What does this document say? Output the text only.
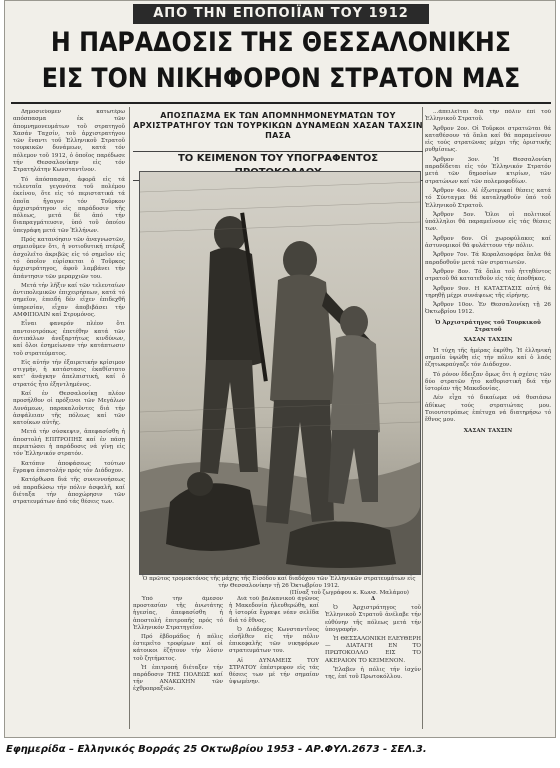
ΑΠΟ ΤΗΝ ΕΠΟΠΟΙΪΑΝ ΤΟΥ 1912
Η ΠΑΡΑΔΟΣΙΣ ΤΗΣ ΘΕΣΣΑΛΟΝΙΚΗΣ
ΕΙΣ ΤΟΝ ΝΙΚΗΦΟΡΟΝ ΣΤΡΑΤΟΝ ΜΑΣ

Δημοσιεύομεν κατωτέρω απόσπασμα ἐκ τῶν ἀπομνημονευμάτων τοῦ στρατηγοῦ Χασάν Ταχσίν, τοῦ ἀρχιστρατήγου τῶν ἔναντι τοῦ Ἑλληνικοῦ Στρατοῦ τουρκικῶν δυνάμεων, κατά τόν πόλεμον τοῦ 1912, ὁ ὁποῖος παρέδωσε τήν Θεσσαλονίκην εἰς τόν Στρατηλάτην Κωνσταντῖνον.

Τό ἀπόσπασμα, ἀφορᾶ εἰς τά τελευταῖα γεγονότα τοῦ πολέμου ἐκείνου, ὅτε εἰς τό περιστατικά τά ὁποῖα ἤγαγον τόν Τοῦρκον ἀρχιστράτηγον εἰς παράδοσιν τῆς πόλεως, μετά δέ ἀπό τήν διαπραγμάτευσιν, ὑπό τοῦ ὁποίου ὑπεγράφη μετά τῶν Ἑλλήνων.

Πρός κατανόησιν τῶν ἀναγνωστῶν, σημειοῦμεν ὅτι, ἡ νοτιοδυτική πτέρυξ ἀσχολεῖτο ἀκριβῶς εἰς τό σημεῖον εἰς τό ὁποῖον εὑρίσκεται ὁ Τοῦρκος ἀρχιστράτηγος, ἀφοῦ λαμβάνει τήν ἀπάντησιν τῶν μεραρχιῶν του.

Μετά τήν λῆξιν καί τῶν τελευταίων ἀντιπολεμικῶν ἐπιχειρήσεων, κατά τό σημεῖον, ἐπειδή δέν εἶχεν ἐπιδεχθῆ ὑπηρεσίαν, εἶχαν ἀποβιβάσει τήν ΑΜΦΙΠΟΛΙΝ καί Στρυμόνος.

Εἶναι φανερόν πλέον ὅτι παντοιοτρόπως ἐπετέθην κατά τῶν ἀντιπάλων ἀνεξαρτήτως κινδύνων, καί ὅλοι ἐσημείωναν τήν κατάπτωσιν τοῦ στρατεύματος.

Εἰς αὐτήν τήν ἐξαιρετικήν κρίσιμον στιγμήν, ἡ κατάστασις ἐκαθίστατο κατ' ἀνάγκην ἀπελπιστική, καί ὁ στρατός ἦτο ἐξηντλημένος.

Καί ἐν Θεσσαλονίκῃ πλέον προσήλθον οἱ πρόξενοι τῶν Μεγάλων Δυνάμεων, παρακαλοῦντες διά τήν ἀσφάλειαν τῆς πόλεως καί τῶν κατοίκων αὐτῆς.

Μετά τήν σύσκεψιν, ἀπεφασίσθη ἡ ἀποστολή ΕΠΙΤΡΟΠΗΣ καί ἐν πάσῃ περιπτώσει ἡ παράδοσις νά γίνῃ εἰς τόν Ἑλληνικόν στρατόν.

Κατόπιν ἀποφάσεως τούτων ἔγραψα ἐπιστολήν πρός τόν Διάδοχον.

Κατόρθωσα διά τῆς συνεννοήσεως νά παραδώσω τήν πόλιν ἀσφαλῆ, καί διέταξα τήν ἀποχώρησιν τῶν στρατευμάτων ἀπό τάς θέσεις των.

ΑΠΟΣΠΑΣΜΑ ΕΚ ΤΩΝ ΑΠΟΜΝΗΜΟΝΕΥΜΑΤΩΝ ΤΟΥ ΑΡΧΙΣΤΡΑΤΗΓΟΥ ΤΩΝ ΤΟΥΡΚΙΚΩΝ ΔΥΝΑΜΕΩΝ ΧΑΣΑΝ ΤΑΧΣΙΝ ΠΑΣΑ
ΤΟ ΚΕΙΜΕΝΟΝ ΤΟΥ ΥΠΟΓΡΑΦΕΝΤΟΣ
Ὁ πρῶτος τρομοκτόνος τῆς μάχης τῆς Εἰσόδου καί διαδόχου τῶν Ἑλληνικῶν στρατευμάτων εἰς τήν Θεσσαλονίκην τῇ 26 Ὀκτωβρίου 1912.
(Πίναξ τοῦ ζωγράφου κ. Κωνσ. Μαλάμου)

Ὑπό τήν ἄμεσον προστασίαν τῆς ἀνωτάτης ἡγεσίας, ἀπεφασίσθη ἡ ἀποστολή ἐπιτροπῆς πρός τό Ἑλληνικόν Στρατηγεῖον.

Πρό ἐβδομάδος ἡ πόλις ἐστερεῖτο τροφίμων καί οἱ κάτοικοι ἐζήτουν τήν λύσιν τοῦ ζητήματος.

Ἡ ἐπιτροπή διέταξεν τήν παράδοσιν ΤΗΣ ΠΟΛΕΩΣ καί τήν ΑΝΑΚΩΧΗΝ τῶν ἐχθροπραξιῶν.

Διά τοῦ βαλκανικοῦ ἀγῶνος ἡ Μακεδονία ἠλευθερώθη, καί ἡ ἱστορία ἔγραψε νέαν σελίδα διά τό ἔθνος.

Ὁ Διάδοχος Κωνσταντῖνος εἰσῆλθεν εἰς τήν πόλιν ἐπικεφαλῆς τῶν νικηφόρων στρατευμάτων του.

Αἱ ΔΥΝΑΜΕΙΣ ΤΟΥ ΣΤΡΑΤΟΥ ἐπέστρεφον εἰς τάς θέσεις των μέ τήν σημαίαν ὑψωμένην.

Δ

Ὁ Ἀρχιστράτηγος τοῦ Ἑλληνικοῦ Στρατοῦ ἀνέλαβε τήν εὐθύνην τῆς πόλεως μετά τήν ὑπογραφήν.

Ἡ ΘΕΣΣΑΛΟΝΙΚΗ ΕΛΕΥΘΕΡΗ — ΔΙΑΤΑΓΗ ΕΝ ΤΟ ΠΡΩΤΟΚΟΛΛΟ ΕΙΣ ΤΟ ΑΚΕΡΑΙΟΝ ΤΟ ΚΕΙΜΕΝΟΝ.

Ἔλαβεν ἡ πόλις τήν ἰσχύν της, ἐπί τοῦ Πρωτοκόλλου.

...ἀπειλεῖται διά τήν πόλιν ἐπί τοῦ Ἑλληνικοῦ Στρατοῦ.

Ἄρθρον 2ον. Οἱ Τοῦρκοι στρατιῶται θά καταθέσουν τά ὅπλα καί θά παραμείνουν εἰς τούς στρατῶνας μέχρι τῆς ὁριστικῆς ρυθμίσεως.

Ἄρθρον 3ον. Ἡ Θεσσαλονίκη παραδίδεται εἰς τόν Ἑλληνικόν Στρατόν μετά τῶν δημοσίων κτιρίων, τῶν στρατώνων καί τῶν πολεμοφοδίων.

Ἄρθρον 4ον. Αἱ ἐξωτερικαί θέσεις κατά τό Σύνταγμα θά καταληφθοῦν ὑπό τοῦ Ἑλληνικοῦ Στρατοῦ.

Ἄρθρον 5ον. Ὅλοι οἱ πολιτικοί ὑπάλληλοι θά παραμείνουν εἰς τάς θέσεις των.

Ἄρθρον 6ον. Οἱ χωροφύλακες καί ἀστυνομικοί θά φυλάττουν τήν πόλιν.

Ἄρθρον 7ον. Τά Κεφαλαιοφόρα ὅπλα θά παραδοθοῦν μετά τῶν στρατιωτῶν.

Ἄρθρον 8ον. Τά ὅπλα τοῦ ἡττηθέντος στρατοῦ θά κατατεθοῦν εἰς τάς ἀποθήκας.

Ἄρθρον 9ον. Η ΚΑΤΑΣΤΑΣΙΣ αὐτή θά τηρηθῇ μέχρι συνάψεως τῆς εἰρήνης.

Ἄρθρον 10ον. Ἐν Θεσσαλονίκῃ τῇ 26 Ὀκτωβρίου 1912.

Ὁ Ἀρχιστράτηγος τοῦ Τουρκικοῦ Στρατοῦ

ΧΑΣΑΝ ΤΑΧΣΙΝ

Ἡ τύχη τῆς ἡμέρας ἐκρίθη. Ἡ ἑλληνική σημαία ὑψώθη εἰς τήν πόλιν καί ὁ λαός ἐζητωκραύγαζε τόν Διάδοχον.

Τό ρόνον ἔδειξαν ὅμως ὅτι ἡ σχέσις τῶν δύο στρατῶν ἦτο καθοριστική διά τήν ἱστορίαν τῆς Μακεδονίας.

Δέν εἶχα τό δικαίωμα νά θυσιάσω ἀδίκως τούς στρατιώτας μου. Τοιουτοτρόπως ἐπέτυχα νά διατηρήσω τό ἔθνος μου.

ΧΑΣΑΝ ΤΑΧΣΙΝ

Εφημερίδα – Ελληνικός Βορράς 25 Οκτωβρίου 1953 - ΑΡ.ΦΥΛ.2673 - ΣΕΛ.3.
